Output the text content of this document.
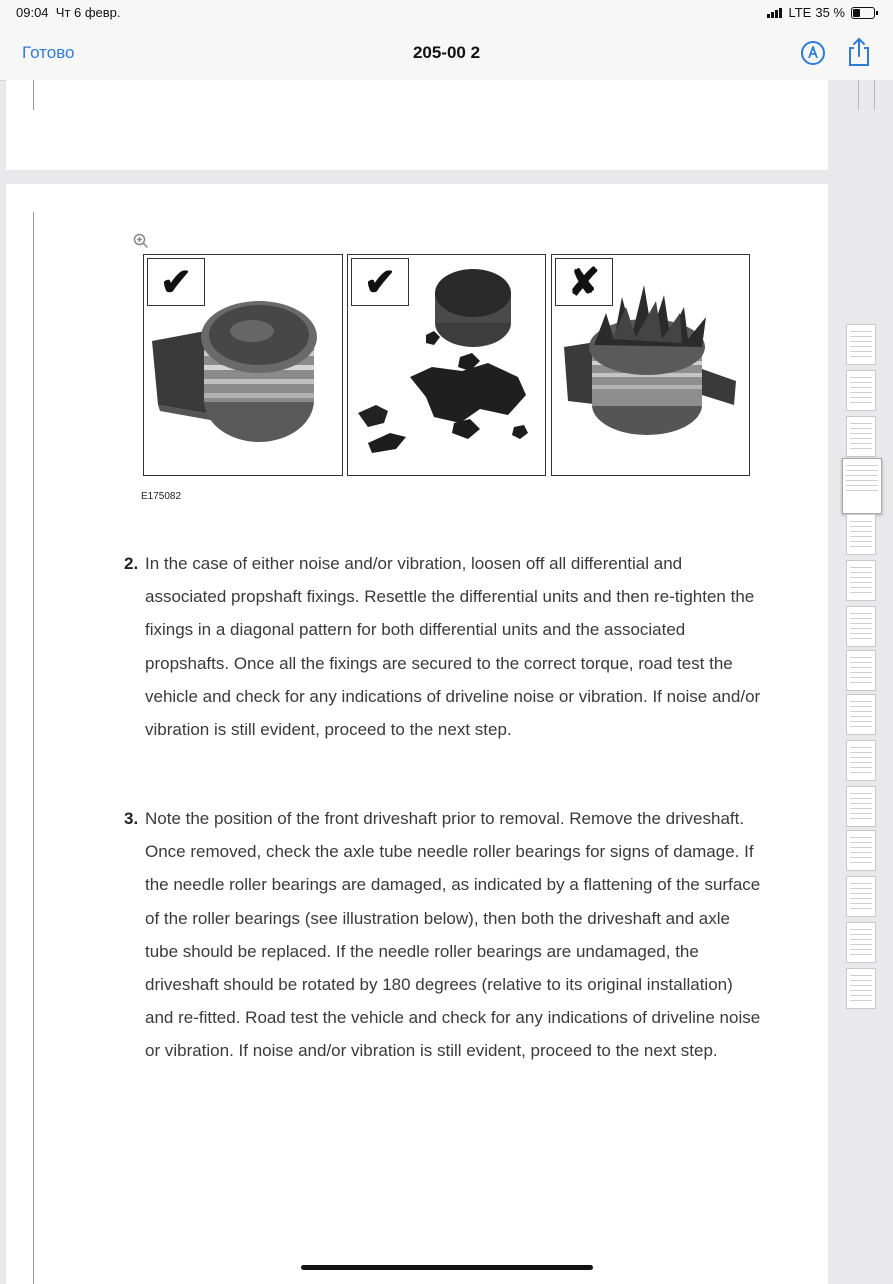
09:04 Чт 6 февр.	LTE 35 %
Готово	205-00 2
✔	✔	✘
E175082
2. In the case of either noise and/or vibration, loosen off all differential and associated propshaft fixings. Resettle the differential units and then re-tighten the fixings in a diagonal pattern for both differential units and the associated propshafts. Once all the fixings are secured to the correct torque, road test the vehicle and check for any indications of driveline noise or vibration. If noise and/or vibration is still evident, proceed to the next step.
3. Note the position of the front driveshaft prior to removal. Remove the driveshaft. Once removed, check the axle tube needle roller bearings for signs of damage. If the needle roller bearings are damaged, as indicated by a flattening of the surface of the roller bearings (see illustration below), then both the driveshaft and axle tube should be replaced. If the needle roller bearings are undamaged, the driveshaft should be rotated by 180 degrees (relative to its original installation) and re-fitted. Road test the vehicle and check for any indications of driveline noise or vibration. If noise and/or vibration is still evident, proceed to the next step.
